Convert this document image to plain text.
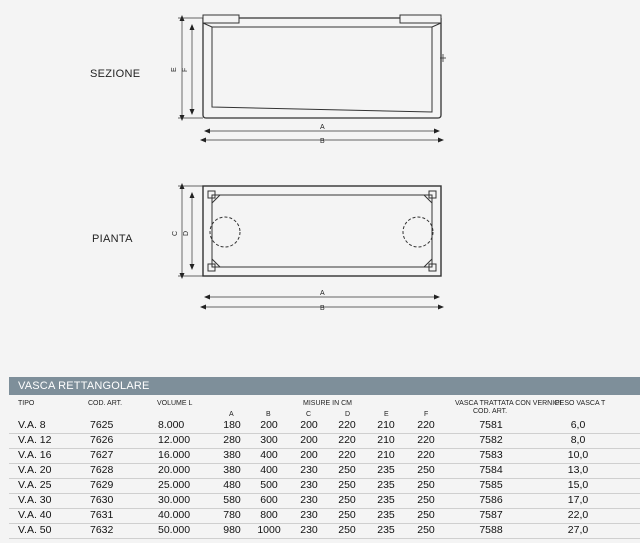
SEZIONE
PIANTA
E F
A
B
C D
A
B
VASCA RETTANGOLARE
TIPO	COD. ART.	VOLUME L	MISURE IN CM	VASCA TRATTATA CON VERNICI
COD. ART.
PESO VASCA T
A	B	C	D	E	F
V.A. 8	7625	8.000	180 200 200 220 210 220	7581	6,0
V.A. 12	7626	12.000	280 300 200 220 210 220	7582	8,0
V.A. 16	7627	16.000	380 400 200 220 210 220	7583	10,0
V.A. 20	7628	20.000	380 400 230 250 235 250	7584	13,0
V.A. 25	7629	25.000	480 500 230 250 235 250	7585	15,0
V.A. 30	7630	30.000	580 600 230 250 235 250	7586	17,0
V.A. 40	7631	40.000	780 800 230 250 235 250	7587	22,0
V.A. 50	7632	50.000	980 1000 230 250 235 250	7588	27,0
